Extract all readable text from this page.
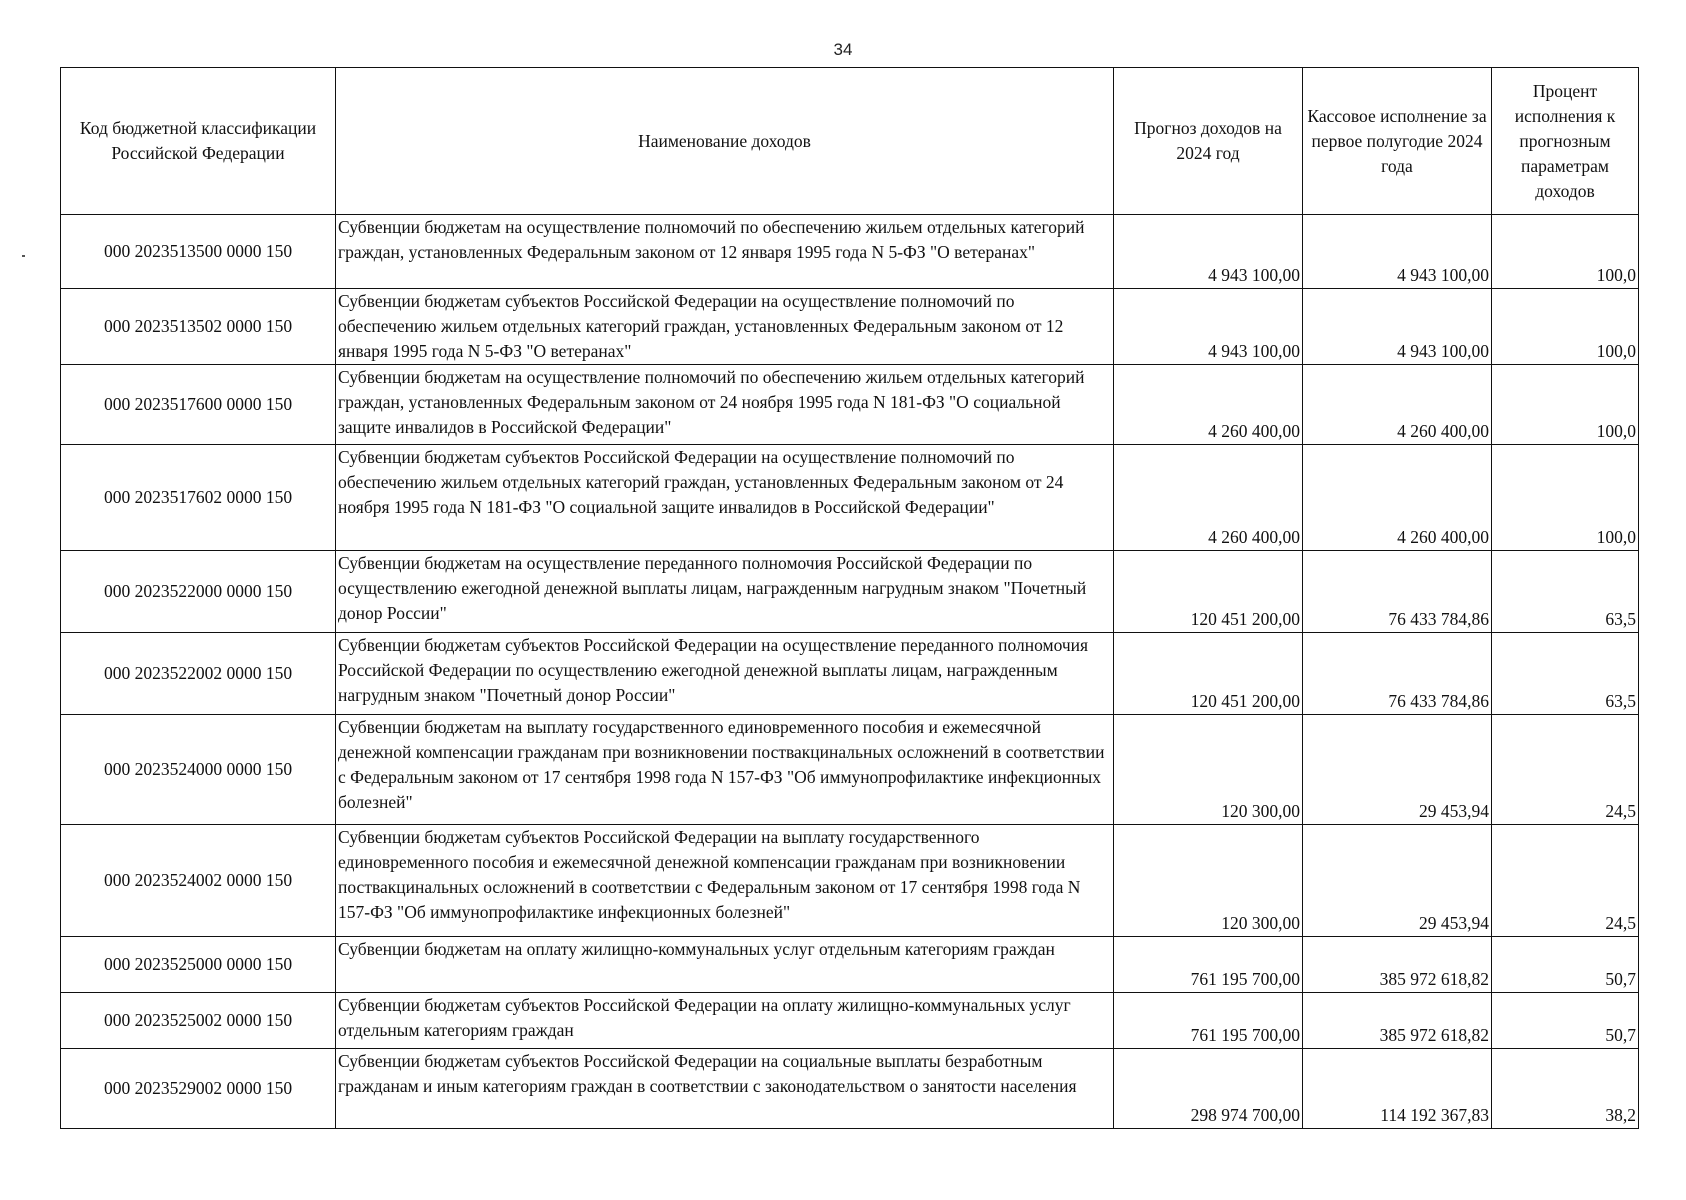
34
Код бюджетной классификации Российской Федерации	Наименование доходов	Прогноз доходов на 2024 год	Кассовое исполнение за первое полугодие 2024 года	Процент исполнения к прогнозным параметрам доходов
000 2023513500 0000 150	Субвенции бюджетам на осуществление полномочий по обеспечению жильем отдельных категорий граждан, установленных Федеральным законом от 12 января 1995 года N 5-ФЗ "О ветеранах"	4 943 100,00	4 943 100,00	100,0
000 2023513502 0000 150	Субвенции бюджетам субъектов Российской Федерации на осуществление полномочий по обеспечению жильем отдельных категорий граждан, установленных Федеральным законом от 12 января 1995 года N 5-ФЗ "О ветеранах"	4 943 100,00	4 943 100,00	100,0
000 2023517600 0000 150	Субвенции бюджетам на осуществление полномочий по обеспечению жильем отдельных категорий граждан, установленных Федеральным законом от 24 ноября 1995 года N 181-ФЗ "О социальной защите инвалидов в Российской Федерации"	4 260 400,00	4 260 400,00	100,0
000 2023517602 0000 150	Субвенции бюджетам субъектов Российской Федерации на осуществление полномочий по обеспечению жильем отдельных категорий граждан, установленных Федеральным законом от 24 ноября 1995 года N 181-ФЗ "О социальной защите инвалидов в Российской Федерации"	4 260 400,00	4 260 400,00	100,0
000 2023522000 0000 150	Субвенции бюджетам на осуществление переданного полномочия Российской Федерации по осуществлению ежегодной денежной выплаты лицам, награжденным нагрудным знаком "Почетный донор России"	120 451 200,00	76 433 784,86	63,5
000 2023522002 0000 150	Субвенции бюджетам субъектов Российской Федерации на осуществление переданного полномочия Российской Федерации по осуществлению ежегодной денежной выплаты лицам, награжденным нагрудным знаком "Почетный донор России"	120 451 200,00	76 433 784,86	63,5
000 2023524000 0000 150	Субвенции бюджетам на выплату государственного единовременного пособия и ежемесячной денежной компенсации гражданам при возникновении поствакцинальных осложнений в соответствии с Федеральным законом от 17 сентября 1998 года N 157-ФЗ "Об иммунопрофилактике инфекционных болезней"	120 300,00	29 453,94	24,5
000 2023524002 0000 150	Субвенции бюджетам субъектов Российской Федерации на выплату государственного единовременного пособия и ежемесячной денежной компенсации гражданам при возникновении поствакцинальных осложнений в соответствии с Федеральным законом от 17 сентября 1998 года N 157-ФЗ "Об иммунопрофилактике инфекционных болезней"	120 300,00	29 453,94	24,5
000 2023525000 0000 150	Субвенции бюджетам на оплату жилищно-коммунальных услуг отдельным категориям граждан	761 195 700,00	385 972 618,82	50,7
000 2023525002 0000 150	Субвенции бюджетам субъектов Российской Федерации на оплату жилищно-коммунальных услуг отдельным категориям граждан	761 195 700,00	385 972 618,82	50,7
000 2023529002 0000 150	Субвенции бюджетам субъектов Российской Федерации на социальные выплаты безработным гражданам и иным категориям граждан в соответствии с законодательством о занятости населения	298 974 700,00	114 192 367,83	38,2
